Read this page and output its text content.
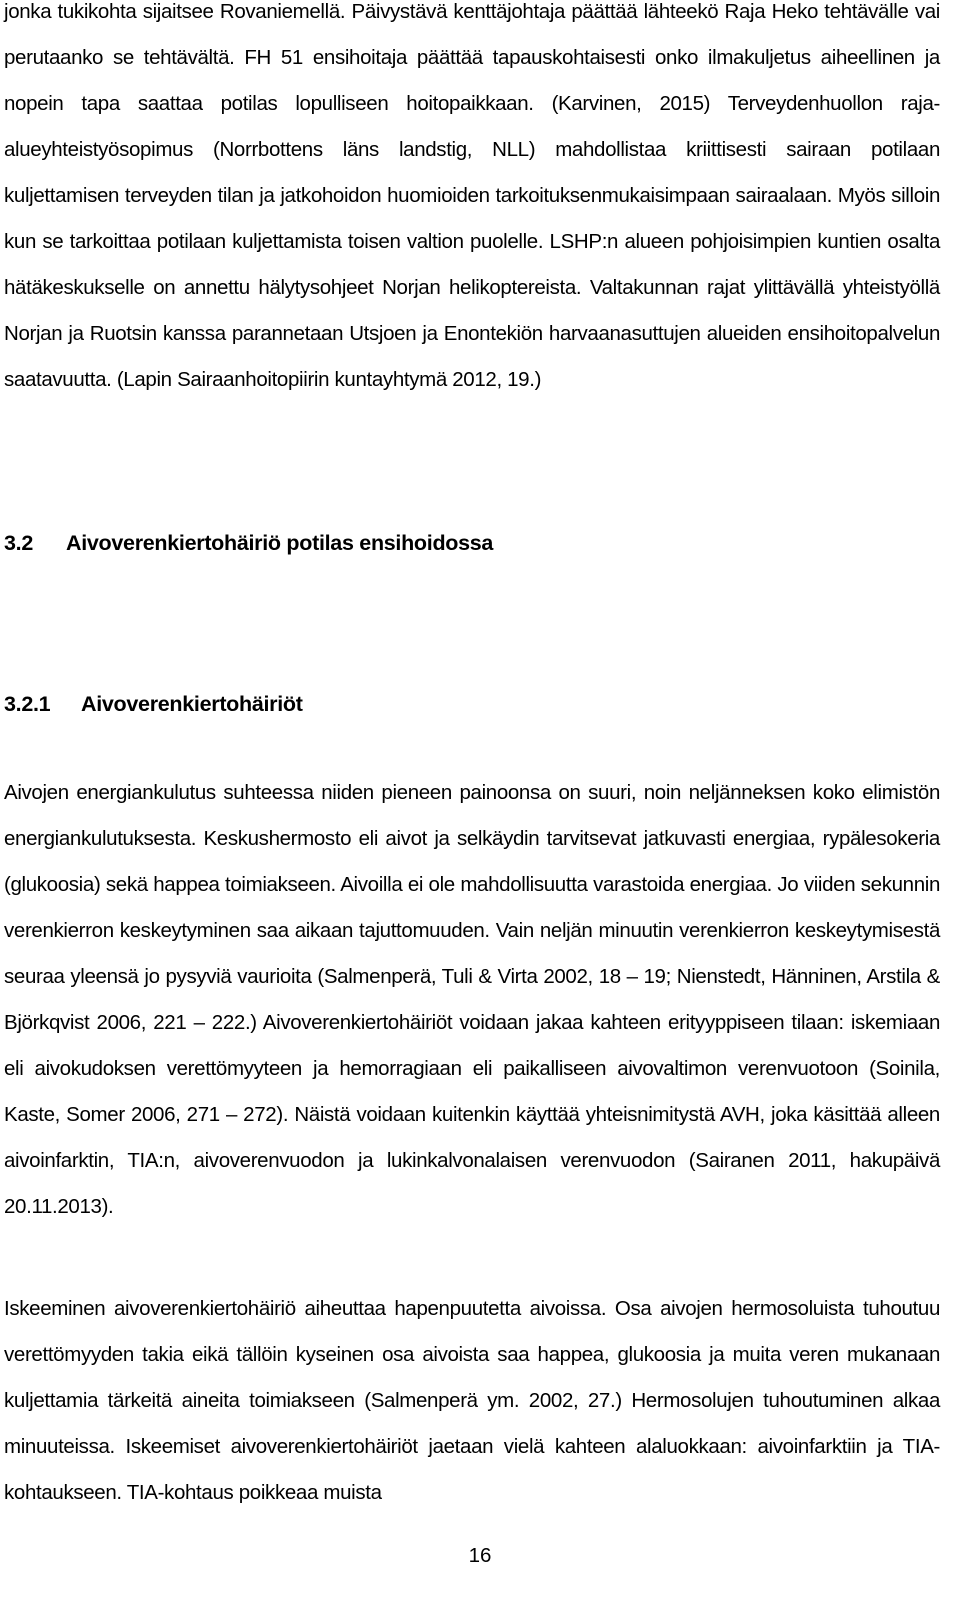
jonka tukikohta sijaitsee Rovaniemellä. Päivystävä kenttäjohtaja päättää lähteekö Raja Heko tehtävälle vai perutaanko se tehtävältä. FH 51 ensihoitaja päättää tapauskohtaisesti onko ilmakuljetus aiheellinen ja nopein tapa saattaa potilas lopulliseen hoitopaikkaan. (Karvinen, 2015) Terveydenhuollon raja-alueyhteistyösopimus (Norrbottens läns landstig, NLL) mahdollistaa kriittisesti sairaan potilaan kuljettamisen terveyden tilan ja jatkohoidon huomioiden tarkoituksenmukaisimpaan sairaalaan. Myös silloin kun se tarkoittaa potilaan kuljettamista toisen valtion puolelle. LSHP:n alueen pohjoisimpien kuntien osalta hätäkeskukselle on annettu hälytysohjeet Norjan helikoptereista. Valtakunnan rajat ylittävällä yhteistyöllä Norjan ja Ruotsin kanssa parannetaan Utsjoen ja Enontekiön harvaanasuttujen alueiden ensihoitopalvelun saatavuutta. (Lapin Sairaanhoitopiirin kuntayhtymä 2012, 19.)

3.2 Aivoverenkiertohäiriö potilas ensihoidossa
3.2.1 Aivoverenkiertohäiriöt

Aivojen energiankulutus suhteessa niiden pieneen painoonsa on suuri, noin neljänneksen koko elimistön energiankulutuksesta. Keskushermosto eli aivot ja selkäydin tarvitsevat jatkuvasti energiaa, rypälesokeria (glukoosia) sekä happea toimiakseen. Aivoilla ei ole mahdollisuutta varastoida energiaa. Jo viiden sekunnin verenkierron keskeytyminen saa aikaan tajuttomuuden. Vain neljän minuutin verenkierron keskeytymisestä seuraa yleensä jo pysyviä vaurioita (Salmenperä, Tuli & Virta 2002, 18 – 19; Nienstedt, Hänninen, Arstila & Björkqvist 2006, 221 – 222.) Aivoverenkiertohäiriöt voidaan jakaa kahteen erityyppiseen tilaan: iskemiaan eli aivokudoksen verettömyyteen ja hemorragiaan eli paikalliseen aivovaltimon verenvuotoon (Soinila, Kaste, Somer 2006, 271 – 272). Näistä voidaan kuitenkin käyttää yhteisnimitystä AVH, joka käsittää alleen aivoinfarktin, TIA:n, aivoverenvuodon ja lukinkalvonalaisen verenvuodon (Sairanen 2011, hakupäivä 20.11.2013).

Iskeeminen aivoverenkiertohäiriö aiheuttaa hapenpuutetta aivoissa. Osa aivojen hermosoluista tuhoutuu verettömyyden takia eikä tällöin kyseinen osa aivoista saa happea, glukoosia ja muita veren mukanaan kuljettamia tärkeitä aineita toimiakseen (Salmenperä ym. 2002, 27.) Hermosolujen tuhoutuminen alkaa minuuteissa. Iskeemiset aivoverenkiertohäiriöt jaetaan vielä kahteen alaluokkaan: aivoinfarktiin ja TIA-kohtaukseen. TIA-kohtaus poikkeaa muista

16
